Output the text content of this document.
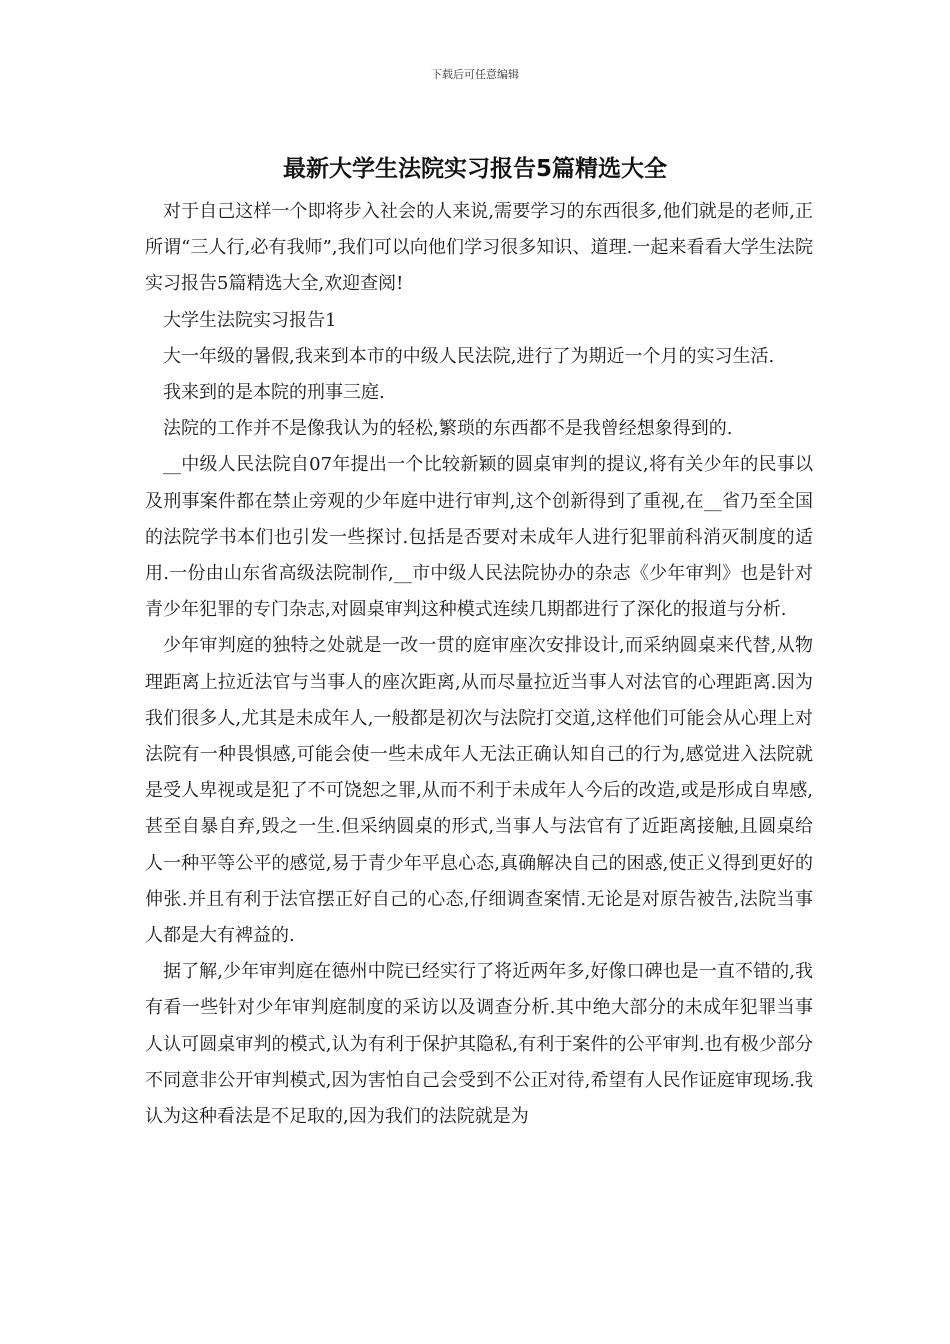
下载后可任意编辑
最新大学生法院实习报告5篇精选大全

对于自己这样一个即将步入社会的人来说,需要学习的东西很多,他们就是的老师,正所谓“三人行,必有我师”,我们可以向他们学习很多知识、道理.一起来看看大学生法院实习报告5篇精选大全,欢迎查阅!

大学生法院实习报告1

大一年级的暑假,我来到本市的中级人民法院,进行了为期近一个月的实习生活.

我来到的是本院的刑事三庭.

法院的工作并不是像我认为的轻松,繁琐的东西都不是我曾经想象得到的.

__中级人民法院自07年提出一个比较新颖的圆桌审判的提议,将有关少年的民事以及刑事案件都在禁止旁观的少年庭中进行审判,这个创新得到了重视,在__省乃至全国的法院学书本们也引发一些探讨.包括是否要对未成年人进行犯罪前科消灭制度的适用.一份由山东省高级法院制作,__市中级人民法院协办的杂志《少年审判》也是针对青少年犯罪的专门杂志,对圆桌审判这种模式连续几期都进行了深化的报道与分析.

少年审判庭的独特之处就是一改一贯的庭审座次安排设计,而采纳圆桌来代替,从物理距离上拉近法官与当事人的座次距离,从而尽量拉近当事人对法官的心理距离.因为我们很多人,尤其是未成年人,一般都是初次与法院打交道,这样他们可能会从心理上对法院有一种畏惧感,可能会使一些未成年人无法正确认知自己的行为,感觉进入法院就是受人卑视或是犯了不可饶恕之罪,从而不利于未成年人今后的改造,或是形成自卑感,甚至自暴自弃,毁之一生.但采纳圆桌的形式,当事人与法官有了近距离接触,且圆桌给人一种平等公平的感觉,易于青少年平息心态,真确解决自己的困惑,使正义得到更好的伸张.并且有利于法官摆正好自己的心态,仔细调查案情.无论是对原告被告,法院当事人都是大有裨益的.

据了解,少年审判庭在德州中院已经实行了将近两年多,好像口碑也是一直不错的,我有看一些针对少年审判庭制度的采访以及调查分析.其中绝大部分的未成年犯罪当事人认可圆桌审判的模式,认为有利于保护其隐私,有利于案件的公平审判.也有极少部分不同意非公开审判模式,因为害怕自己会受到不公正对待,希望有人民作证庭审现场.我认为这种看法是不足取的,因为我们的法院就是为
